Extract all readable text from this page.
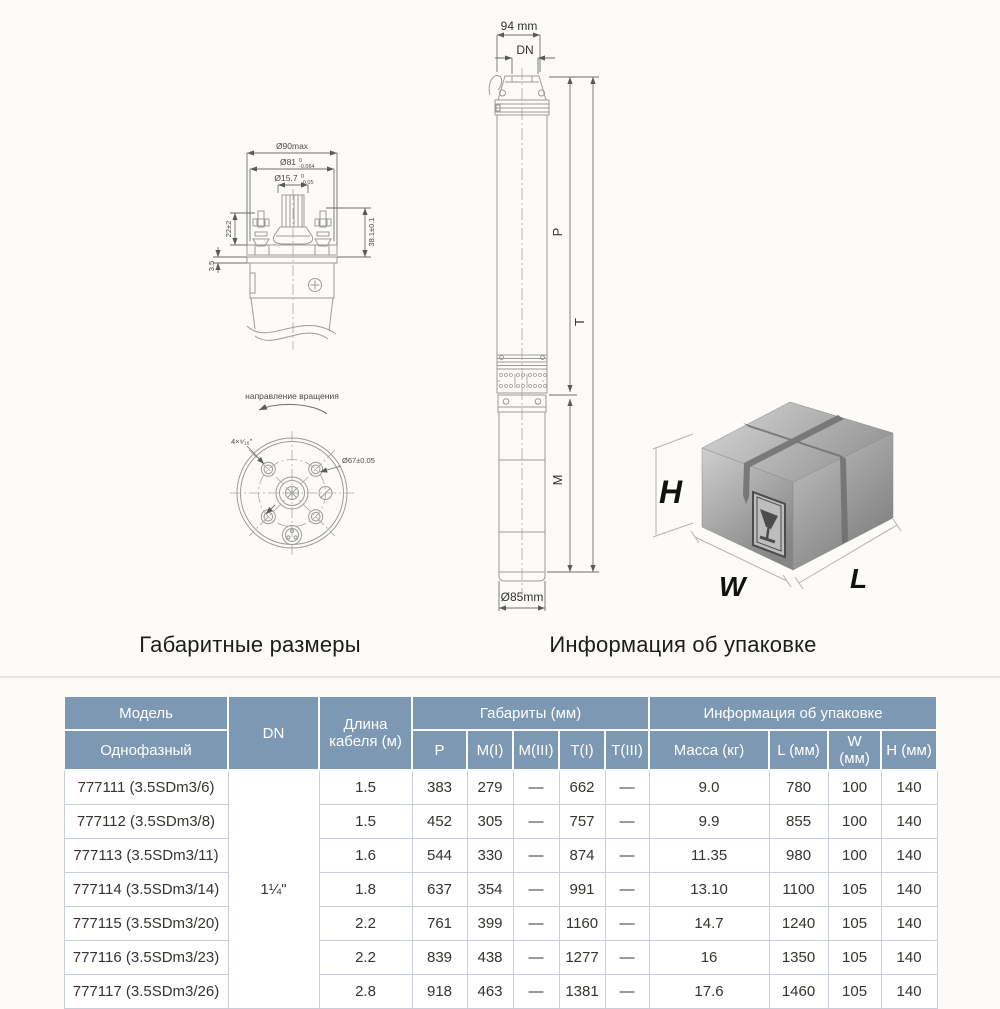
Ø90max
Ø81 0
-0.064
Ø15.7 0
-0.05
22±2	38.1±0.1
3.5
направление вращения
4×⁹⁄₁₆"
Ø67±0.05
94 mm
DN
P
T
M
Ø85mm
H
W	L
Габаритные размеры	Информация об упаковке
Модель	DN	Длина кабеля (м)	Габариты (мм)					Информация об упаковке			
Однофазный			P	M(I)	M(III)	T(I)	T(III)	Масса (кг)	L (мм)	W (мм)	H (мм)
777111 (3.5SDm3/6)	1¼"	1.5	383	279	—	662	—	9.0	780	100	140
777112 (3.5SDm3/8)		1.5	452	305	—	757	—	9.9	855	100	140
777113 (3.5SDm3/11)		1.6	544	330	—	874	—	11.35	980	100	140
777114 (3.5SDm3/14)		1.8	637	354	—	991	—	13.10	1100	105	140
777115 (3.5SDm3/20)		2.2	761	399	—	1160	—	14.7	1240	105	140
777116 (3.5SDm3/23)		2.2	839	438	—	1277	—	16	1350	105	140
777117 (3.5SDm3/26)		2.8	918	463	—	1381	—	17.6	1460	105	140
